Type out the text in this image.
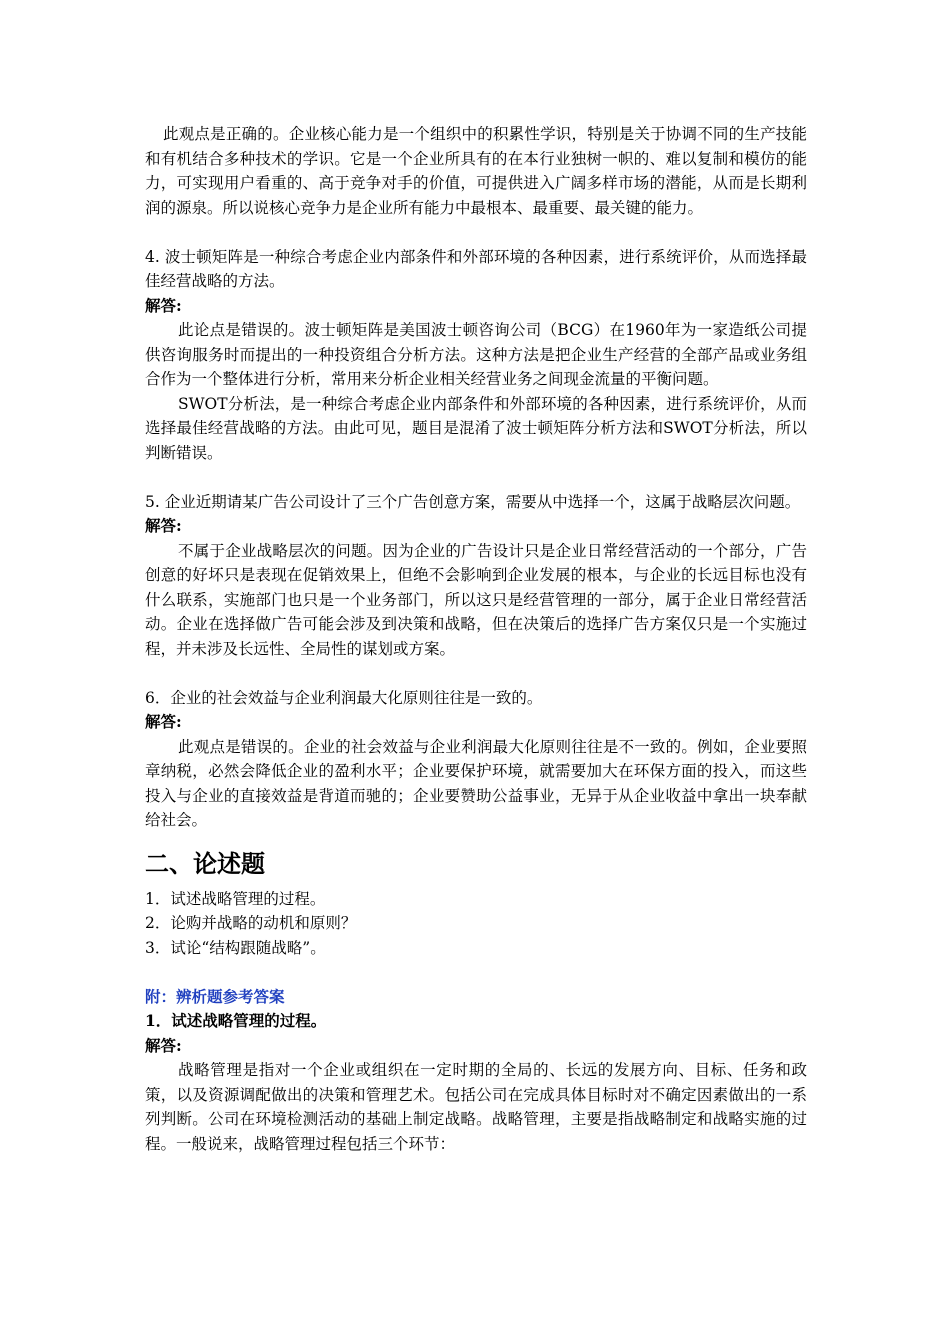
此观点是正确的。企业核心能力是一个组织中的积累性学识，特别是关于协调不同的生产技能和有机结合多种技术的学识。它是一个企业所具有的在本行业独树一帜的、难以复制和模仿的能力，可实现用户看重的、高于竞争对手的价值，可提供进入广阔多样市场的潜能，从而是长期利润的源泉。所以说核心竞争力是企业所有能力中最根本、最重要、最关键的能力。

4. 波士顿矩阵是一种综合考虑企业内部条件和外部环境的各种因素，进行系统评价，从而选择最佳经营战略的方法。

解答:

此论点是错误的。波士顿矩阵是美国波士顿咨询公司（BCG）在1960年为一家造纸公司提供咨询服务时而提出的一种投资组合分析方法。这种方法是把企业生产经营的全部产品或业务组合作为一个整体进行分析，常用来分析企业相关经营业务之间现金流量的平衡问题。

SWOT分析法，是一种综合考虑企业内部条件和外部环境的各种因素，进行系统评价，从而选择最佳经营战略的方法。由此可见，题目是混淆了波士顿矩阵分析方法和SWOT分析法，所以判断错误。

5. 企业近期请某广告公司设计了三个广告创意方案，需要从中选择一个，这属于战略层次问题。

解答:

不属于企业战略层次的问题。因为企业的广告设计只是企业日常经营活动的一个部分，广告创意的好坏只是表现在促销效果上，但绝不会影响到企业发展的根本，与企业的长远目标也没有什么联系，实施部门也只是一个业务部门，所以这只是经营管理的一部分，属于企业日常经营活动。企业在选择做广告可能会涉及到决策和战略，但在决策后的选择广告方案仅只是一个实施过程，并未涉及长远性、全局性的谋划或方案。

6．企业的社会效益与企业利润最大化原则往往是一致的。

解答:

此观点是错误的。企业的社会效益与企业利润最大化原则往往是不一致的。例如，企业要照章纳税，必然会降低企业的盈利水平；企业要保护环境，就需要加大在环保方面的投入，而这些投入与企业的直接效益是背道而驰的；企业要赞助公益事业，无异于从企业收益中拿出一块奉献给社会。

二、论述题

1．试述战略管理的过程。

2．论购并战略的动机和原则？

3．试论“结构跟随战略”。

附：辨析题参考答案

1．试述战略管理的过程。

解答:

战略管理是指对一个企业或组织在一定时期的全局的、长远的发展方向、目标、任务和政策，以及资源调配做出的决策和管理艺术。包括公司在完成具体目标时对不确定因素做出的一系列判断。公司在环境检测活动的基础上制定战略。战略管理，主要是指战略制定和战略实施的过程。一般说来，战略管理过程包括三个环节：
